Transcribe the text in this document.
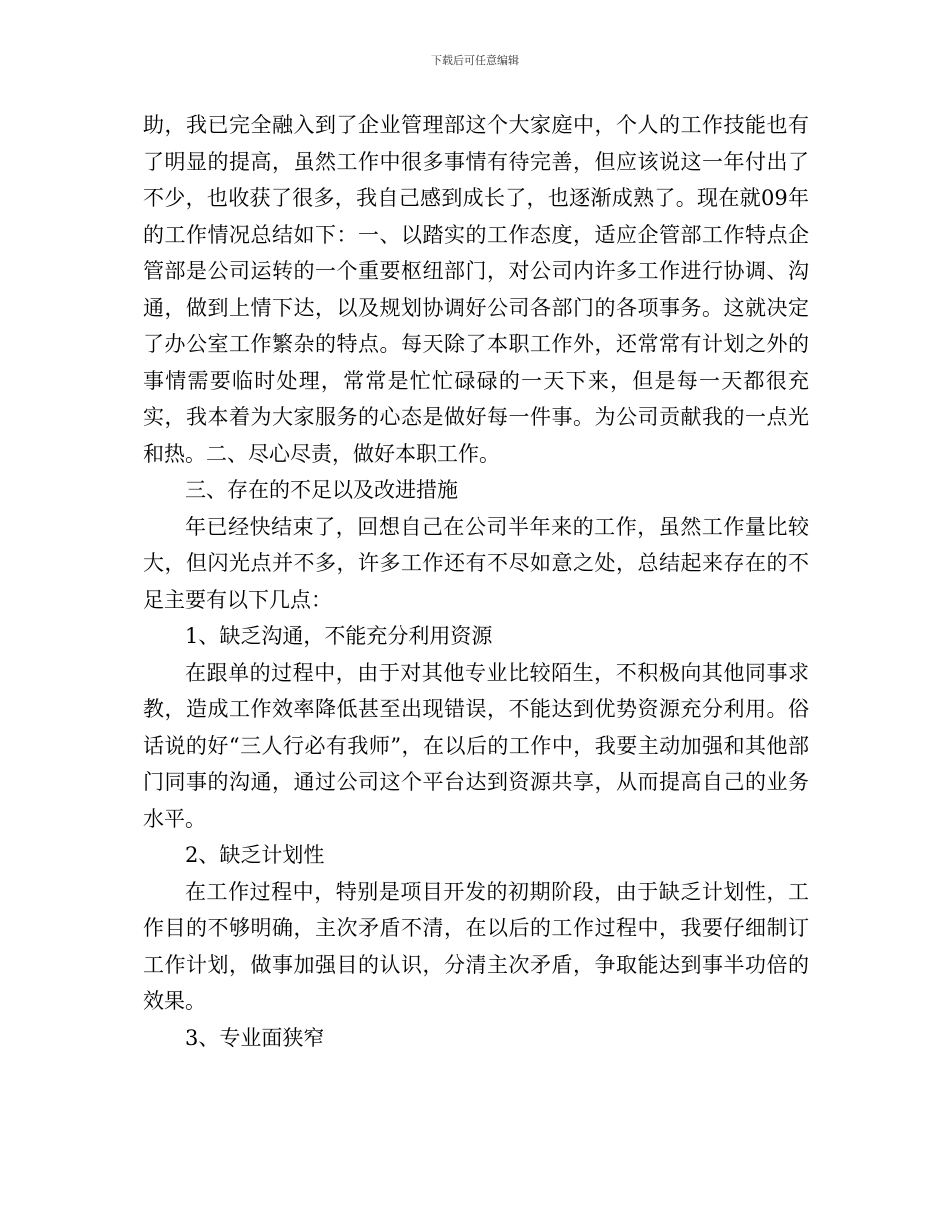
下载后可任意编辑

助，我已完全融入到了企业管理部这个大家庭中，个人的工作技能也有了明显的提高，虽然工作中很多事情有待完善，但应该说这一年付出了不少，也收获了很多，我自己感到成长了，也逐渐成熟了。现在就09年的工作情况总结如下：一、以踏实的工作态度，适应企管部工作特点企管部是公司运转的一个重要枢纽部门，对公司内许多工作进行协调、沟通，做到上情下达，以及规划协调好公司各部门的各项事务。这就决定了办公室工作繁杂的特点。每天除了本职工作外，还常常有计划之外的事情需要临时处理，常常是忙忙碌碌的一天下来，但是每一天都很充实，我本着为大家服务的心态是做好每一件事。为公司贡献我的一点光和热。二、尽心尽责，做好本职工作。

三、存在的不足以及改进措施

年已经快结束了，回想自己在公司半年来的工作，虽然工作量比较大，但闪光点并不多，许多工作还有不尽如意之处，总结起来存在的不足主要有以下几点：

1、缺乏沟通，不能充分利用资源

在跟单的过程中，由于对其他专业比较陌生，不积极向其他同事求教，造成工作效率降低甚至出现错误，不能达到优势资源充分利用。俗话说的好“三人行必有我师”，在以后的工作中，我要主动加强和其他部门同事的沟通，通过公司这个平台达到资源共享，从而提高自己的业务水平。

2、缺乏计划性

在工作过程中，特别是项目开发的初期阶段，由于缺乏计划性，工作目的不够明确，主次矛盾不清，在以后的工作过程中，我要仔细制订工作计划，做事加强目的认识，分清主次矛盾，争取能达到事半功倍的效果。

3、专业面狭窄
